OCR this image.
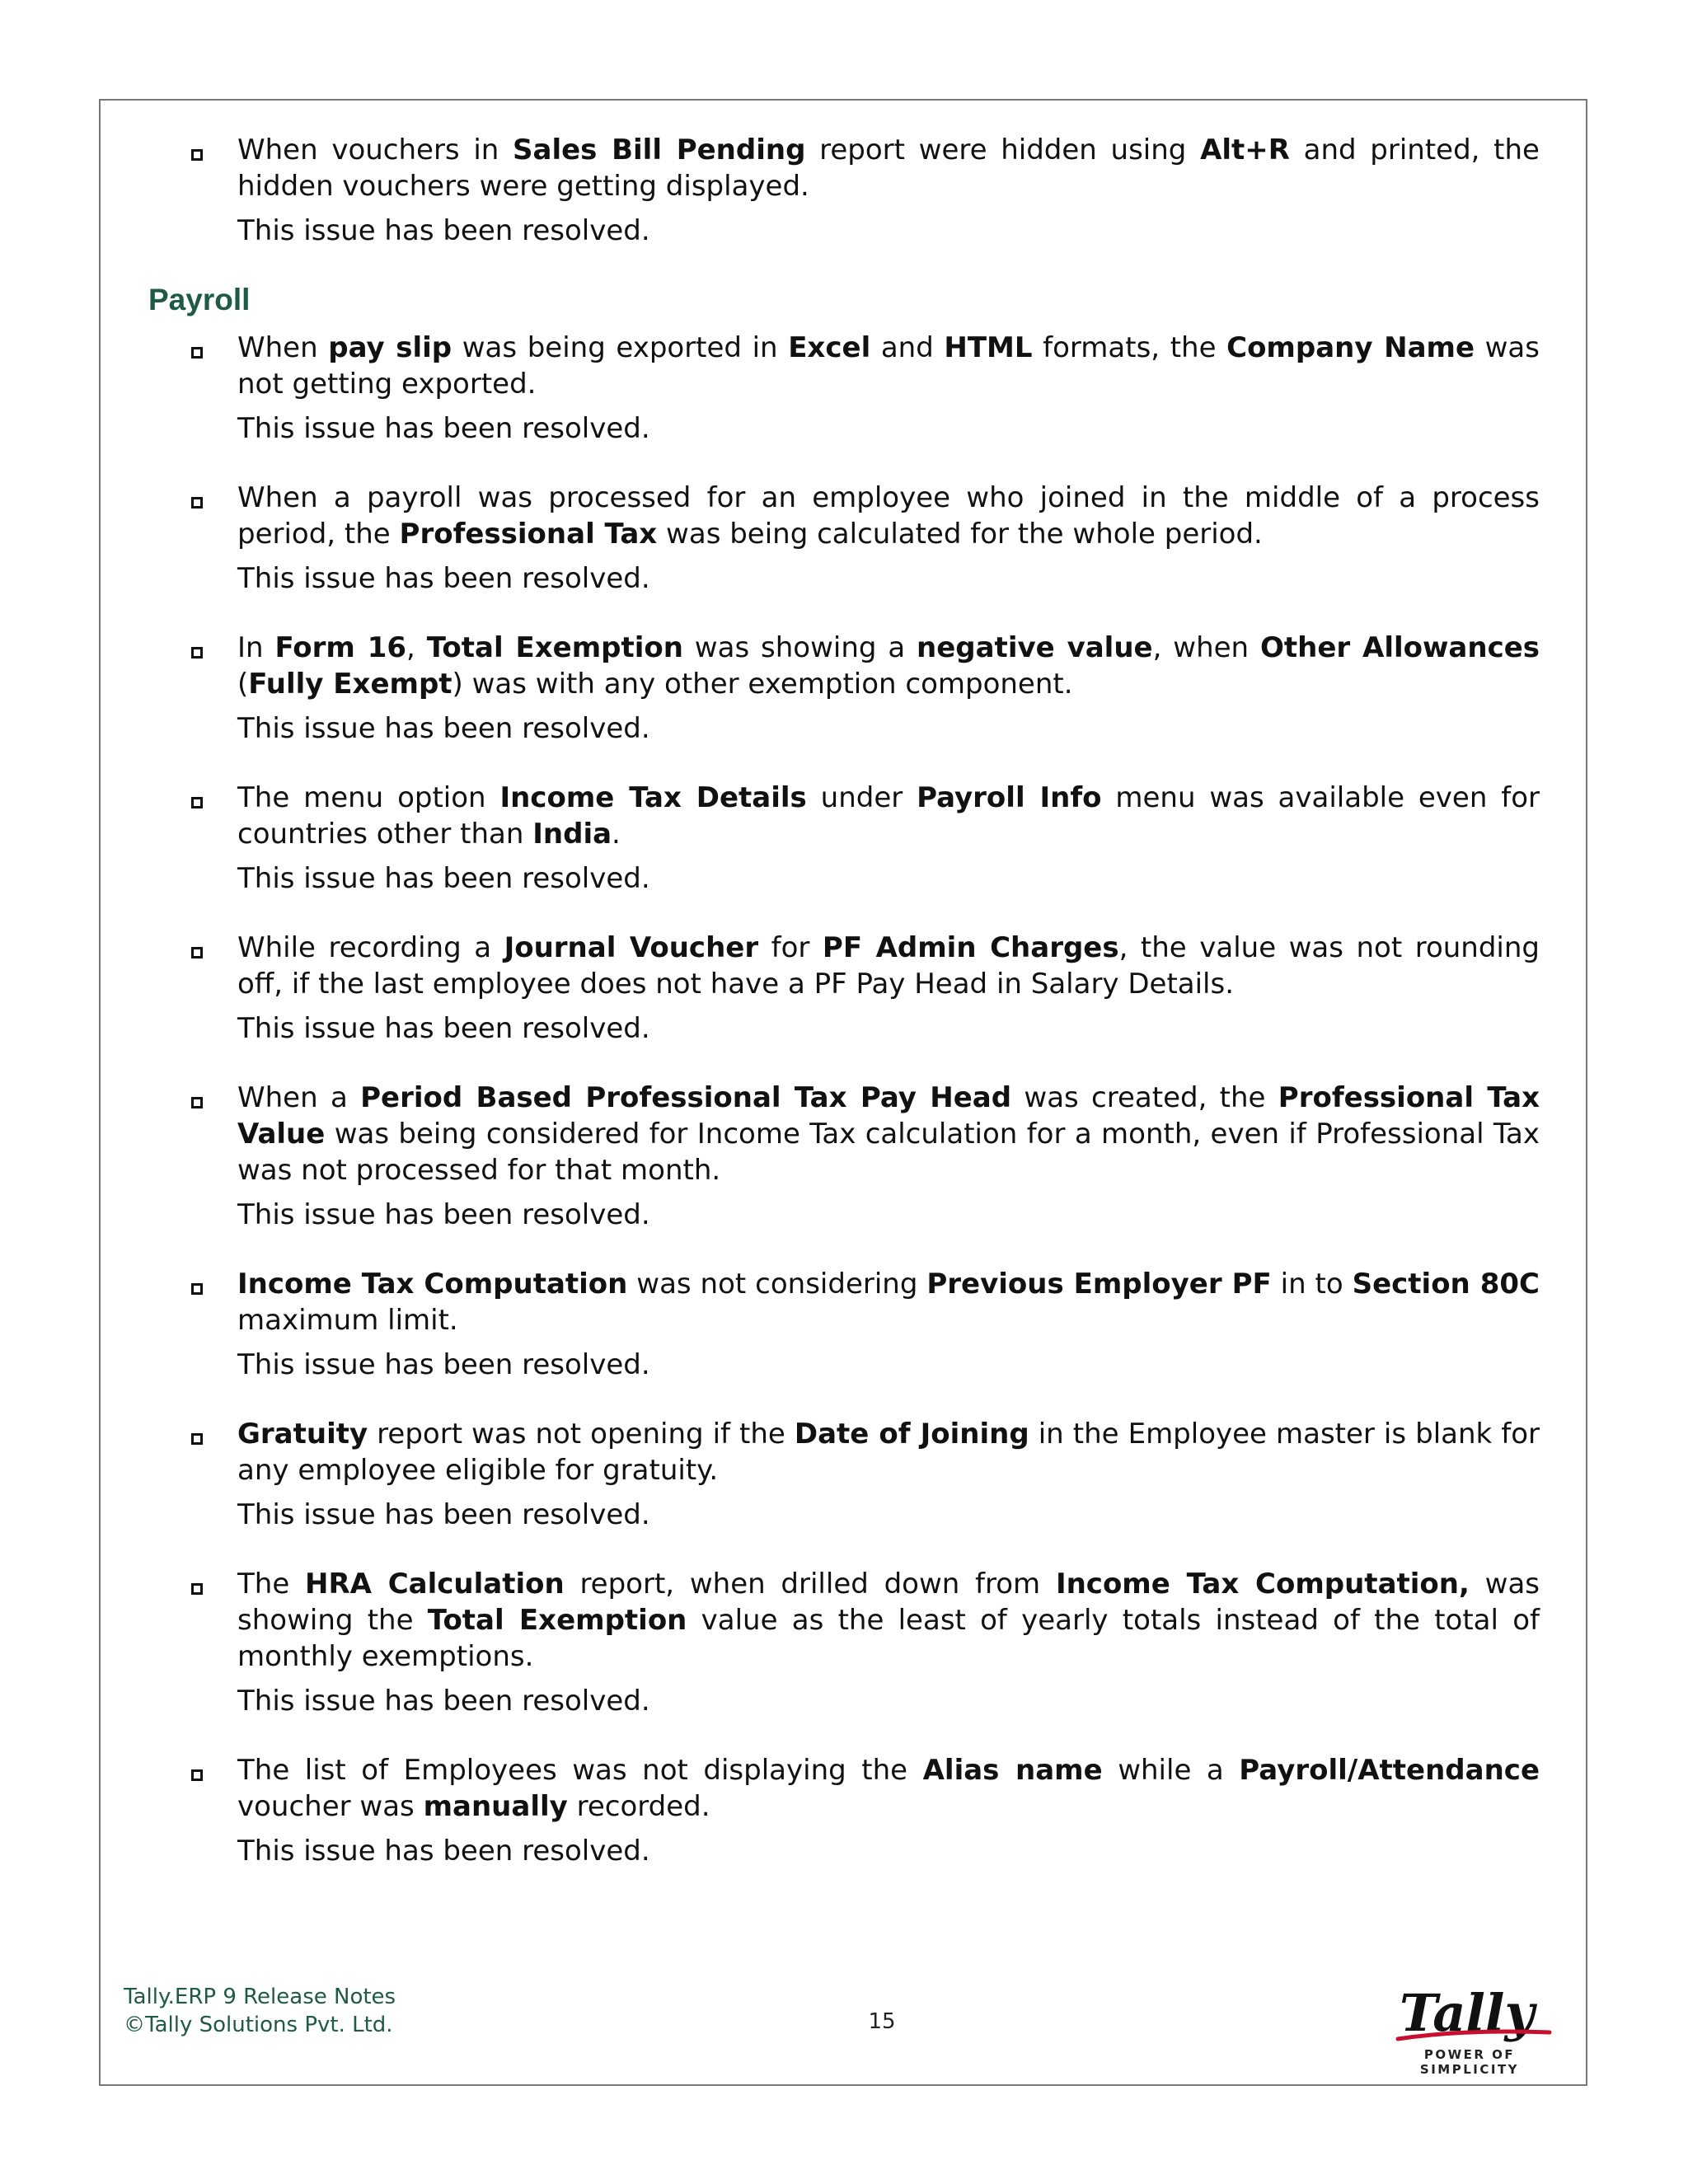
When vouchers in Sales Bill Pending report were hidden using Alt+R and printed, the hidden vouchers were getting displayed.

This issue has been resolved.

Payroll

When pay slip was being exported in Excel and HTML formats, the Company Name was not getting exported.

This issue has been resolved.

When a payroll was processed for an employee who joined in the middle of a process period, the Professional Tax was being calculated for the whole period.

This issue has been resolved.

In Form 16, Total Exemption was showing a negative value, when Other Allowances (Fully Exempt) was with any other exemption component.

This issue has been resolved.

The menu option Income Tax Details under Payroll Info menu was available even for countries other than India.

This issue has been resolved.

While recording a Journal Voucher for PF Admin Charges, the value was not rounding off, if the last employee does not have a PF Pay Head in Salary Details.

This issue has been resolved.

When a Period Based Professional Tax Pay Head was created, the Professional Tax Value was being considered for Income Tax calculation for a month, even if Professional Tax was not processed for that month.

This issue has been resolved.

Income Tax Computation was not considering Previous Employer PF in to Section 80C maximum limit.

This issue has been resolved.

Gratuity report was not opening if the Date of Joining in the Employee master is blank for any employee eligible for gratuity.

This issue has been resolved.

The HRA Calculation report, when drilled down from Income Tax Computation, was showing the Total Exemption value as the least of yearly totals instead of the total of monthly exemptions.

This issue has been resolved.

The list of Employees was not displaying the Alias name while a Payroll/Attendance voucher was manually recorded.

This issue has been resolved.

Tally.ERP 9 Release Notes
©Tally Solutions Pvt. Ltd.	15	Tally
POWER OF SIMPLICITY
